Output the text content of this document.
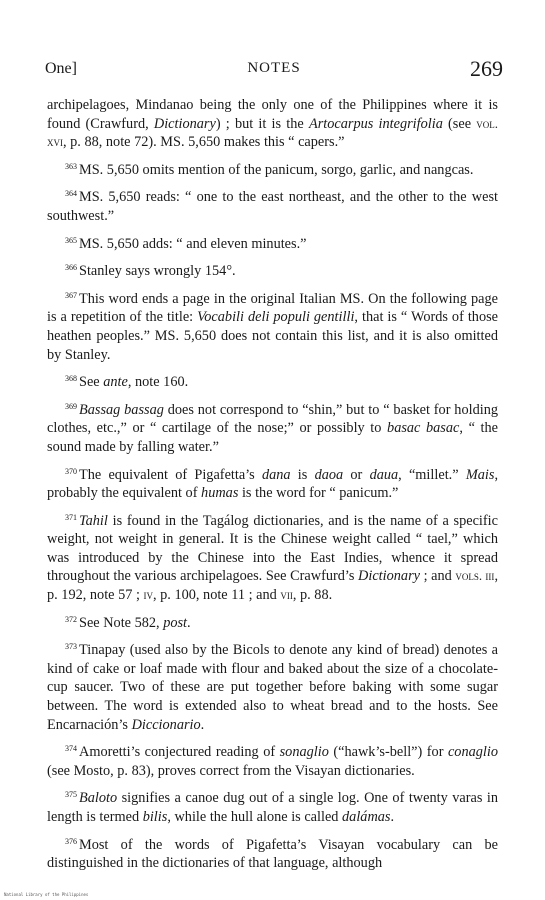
One]	NOTES	269

archipelagoes, Mindanao being the only one of the Philippines where it is found (Crawfurd, Dictionary) ; but it is the Artocarpus integrifolia (see vol. xvi, p. 88, note 72). MS. 5,650 makes this “ capers.”

$^{363}$ MS. 5,650 omits mention of the panicum, sorgo, garlic, and nangcas.

$^{364}$ MS. 5,650 reads: “ one to the east northeast, and the other to the west southwest.”

$^{365}$ MS. 5,650 adds: “ and eleven minutes.”

$^{366}$ Stanley says wrongly 154°.

$^{367}$ This word ends a page in the original Italian MS. On the following page is a repetition of the title: Vocabili deli populi gentilli, that is “ Words of those heathen peoples.” MS. 5,650 does not contain this list, and it is also omitted by Stanley.

$^{368}$ See ante, note 160.

$^{369}$ Bassag bassag does not correspond to “shin,” but to “ basket for holding clothes, etc.,” or “ cartilage of the nose;” or possibly to basac basac, “ the sound made by falling water.”

$^{370}$ The equivalent of Pigafetta’s dana is daoa or daua, “millet.” Mais, probably the equivalent of humas is the word for “ panicum.”

$^{371}$ Tahil is found in the Tagálog dictionaries, and is the name of a specific weight, not weight in general. It is the Chinese weight called “ tael,” which was introduced by the Chinese into the East Indies, whence it spread throughout the various archipelagoes. See Crawfurd’s Dictionary ; and vols. iii, p. 192, note 57 ; iv, p. 100, note 11 ; and vii, p. 88.

$^{372}$ See Note 582, post.

$^{373}$ Tinapay (used also by the Bicols to denote any kind of bread) denotes a kind of cake or loaf made with flour and baked about the size of a chocolate-cup saucer. Two of these are put together before baking with some sugar between. The word is extended also to wheat bread and to the hosts. See Encarnación’s Diccionario.

$^{374}$ Amoretti’s conjectured reading of sonaglio (“hawk’s-bell”) for conaglio (see Mosto, p. 83), proves correct from the Visayan dictionaries.

$^{375}$ Baloto signifies a canoe dug out of a single log. One of twenty varas in length is termed bilis, while the hull alone is called dalámas.

$^{376}$ Most of the words of Pigafetta’s Visayan vocabulary can be distinguished in the dictionaries of that language, although

National Library of the Philippines
